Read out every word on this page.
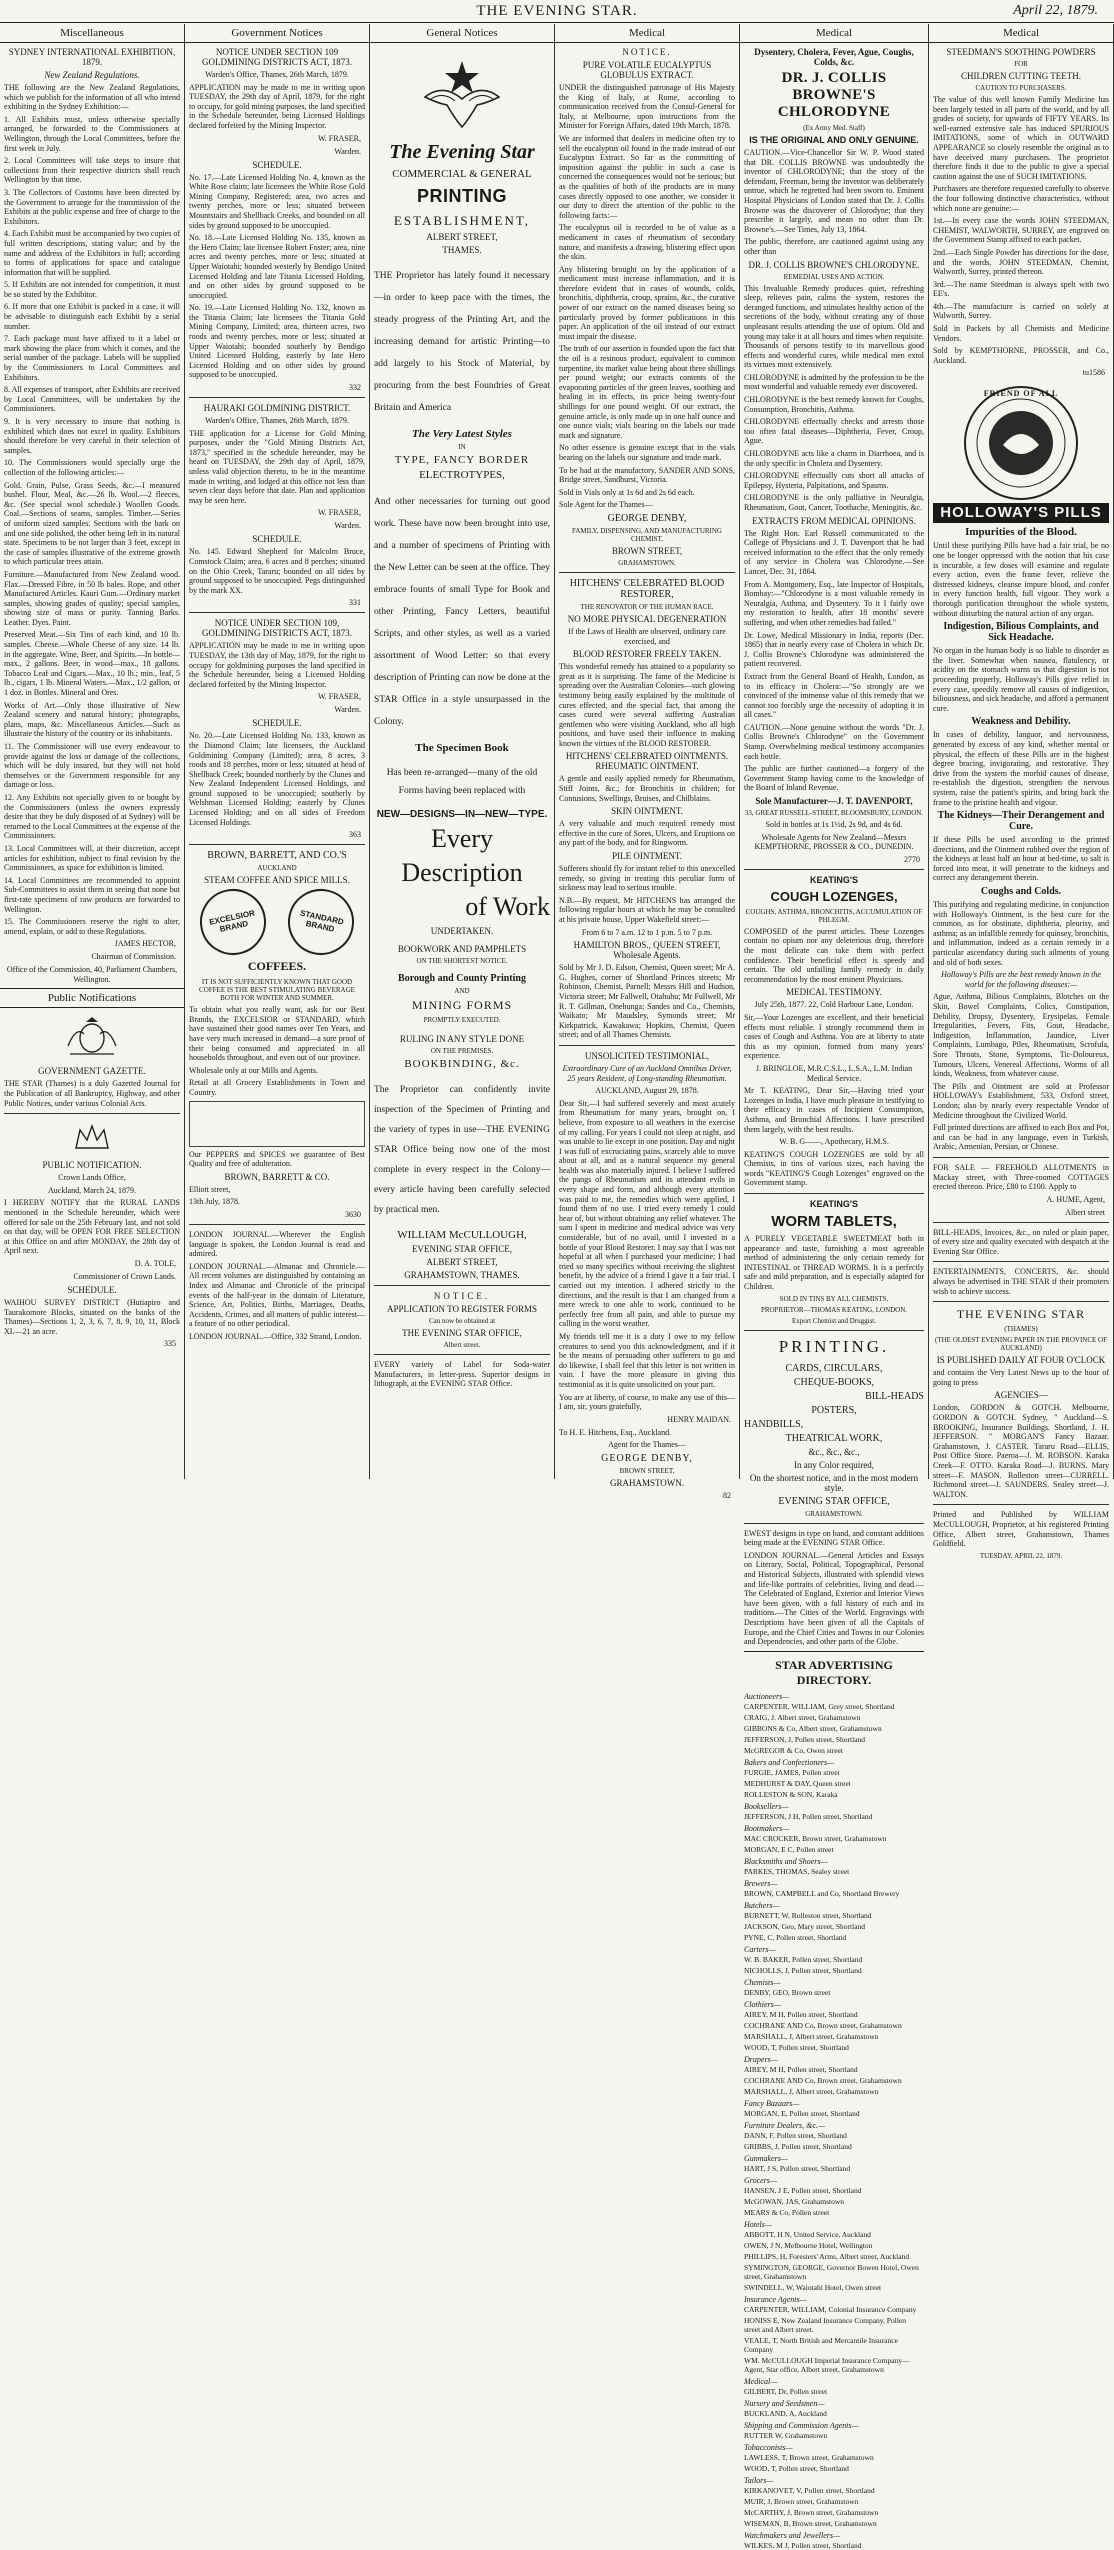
THE EVENING STAR.	April 22, 1879.
Miscellaneous
SYDNEY INTERNATIONAL EXHIBITION, 1879.
New Zealand Regulations.

THE following are the New Zealand Regulations, which we publish for the information of all who intend exhibiting in the Sydney Exhibition:—

1. All Exhibits must, unless otherwise specially arranged, be forwarded to the Commissioners at Wellington, through the Local Committees, before the first week in July.

2. Local Committees will take steps to insure that collections from their respective districts shall reach Wellington by that time.

3. The Collectors of Customs have been directed by the Government to arrange for the transmission of the Exhibits at the public expense and free of charge to the Exhibitors.

4. Each Exhibit must be accompanied by two copies of full written descriptions, stating value; and by the name and address of the Exhibitors in full; according to forms of applications for space and catalogue information that will be supplied.

5. If Exhibits are not intended for competition, it must be so stated by the Exhibitor.

6. If more that one Exhibit is packed in a case, it will be advisable to distinguish each Exhibit by a serial number.

7. Each package must have affixed to it a label or mark showing the place from which it comes, and the serial number of the package. Labels will be supplied by the Commissioners to Local Committees and Exhibitors.

8. All expenses of transport, after Exhibits are received by Local Committees, will be undertaken by the Commissioners.

9. It is very necessary to insure that nothing is exhibited which does not excel in quality. Exhibitors should therefore be very careful in their selection of samples.

10. The Commissioners would specially urge the collection of the following articles:—

Gold. Grain, Pulse, Grass Seeds, &c.—I measured bushel. Flour, Meal, &c.—26 lb. Wool.—2 fleeces, &c. (See special wool schedule.) Woollen Goods. Coal.—Sections of seams, samples. Timber.—Series of uniform sized samples. Sections with the bark on and one side polished, the other being left in its natural state. Specimens to be not larger than 3 feet, except in the case of samples illustrative of the extreme growth to which particular trees attain.

Furniture.—Manufactured from New Zealand wood. Flax.—Dressed Fibre, in 50 lb bales. Rope, and other Manufactured Articles. Kauri Gum.—Ordinary market samples, showing grades of quality; special samples, showing size of mass or purity. Tanning Barks. Leather. Dyes. Paint.

Preserved Meat.—Six Tins of each kind, and 10 lb. samples. Cheese.—Whole Cheese of any size. 14 lb. in the aggregate. Wine, Beer, and Spirits.—In bottle—max., 2 gallons. Beer, in wood—max., 18 gallons. Tobacco Leaf and Cigars.—Max., 10 lb.; min., leaf, 5 lb., cigars, 1 lb. Mineral Waters.—Max., 1/2 gallon, or 1 doz. in Bottles. Mineral and Ores.

Works of Art.—Only those illustrative of New Zealand scenery and natural history; photographs, plans, maps, &c. Miscellaneous Articles.—Such as illustrate the history of the country or its inhabitants.

11. The Commissioner will use every endeavour to provide against the loss or damage of the collections, which will be duly insured, but they will not hold themselves or the Government responsible for any damage or loss.

12. Any Exhibits not specially given to or bought by the Commissioners (unless the owners expressly desire that they be duly disposed of at Sydney) will be returned to the Local Committees at the expense of the Commissioners.

13. Local Committees will, at their discretion, accept articles for exhibition, subject to final revision by the Commissioners, as space for exhibition is limited.

14. Local Committees are recommended to appoint Sub-Committees to assist them in seeing that none but first-rate specimens of raw products are forwarded to Wellington.

15. The Commissioners reserve the right to alter, amend, explain, or add to these Regulations.

JAMES HECTOR,
Chairman of Commission.
Office of the Commission, 40, Parliament Chambers, Wellington.
Public Notifications
GOVERNMENT GAZETTE.

THE STAR (Thames) is a duly Gazetted Journal for the Publication of all Bankruptcy, Highway, and other Public Notices, under various Colonial Acts.

PUBLIC NOTIFICATION.
Crown Lands Office,
Auckland, March 24, 1879.

I HEREBY NOTIFY that the RURAL LANDS mentioned in the Schedule hereunder, which were offered for sale on the 25th February last, and not sold on that day, will be OPEN FOR FREE SELECTION at this Office on and after MONDAY, the 28th day of April next.

D. A. TOLE,
Commissioner of Crown Lands.
SCHEDULE.

WAIHOU SURVEY DISTRICT (Hutiapiro and Taurakomore Blocks, situated on the banks of the Thames)—Sections 1, 2, 3, 6, 7, 8, 9, 10, 11, Block XI.—21 an acre.

335
Government Notices
NOTICE UNDER SECTION 109 GOLDMINING DISTRICTS ACT, 1873.
Warden's Office, Thames, 26th March, 1879.

APPLICATION may be made to me in writing upon TUESDAY, the 29th day of April, 1879, for the right to occupy, for gold mining purposes, the land specified in the Schedule hereunder, being Licensed Holdings declared forfeited by the Mining Inspector.

W. FRASER,
Warden.
SCHEDULE.

No. 17.—Late Licensed Holding No. 4, known as the White Rose claim; late licensees the White Rose Gold Mining Company, Registered; area, two acres and twenty perches, more or less; situated between Mountstairs and Shellback Creeks, and bounded on all sides by ground supposed to be unoccupied.

No. 18.—Late Licensed Holding No. 135, known as the Hero Claim; late licensee Robert Foster; area, nine acres and twenty perches, more or less; situated at Upper Waiotahi; bounded westerly by Bendigo United Licensed Holding and late Titania Licensed Holding, and on other sides by ground supposed to be unoccupied.

No. 19.—Late Licensed Holding No. 132, known as the Titania Claim; late licensees the Titania Gold Mining Company, Limited; area, thirteen acres, two roods and twenty perches, more or less; situated at Upper Waiotahi; bounded southerly by Bendigo United Licensed Holding, easterly by late Hero Licensed Holding and on other sides by ground supposed to be unoccupied.

332
HAURAKI GOLDMINING DISTRICT.
Warden's Office, Thames, 26th March, 1879.

THE application for a License for Gold Mining purposes, under the "Gold Mining Districts Act, 1873," specified in the schedule hereunder, may be heard on TUESDAY, the 29th day of April, 1879, unless valid objection thereto, to be in the meantime made in writing, and lodged at this office not less than seven clear days before that date. Plan and application may be seen here.

W. FRASER,
Warden.
SCHEDULE.

No. 145. Edward Shepherd for Malcolm Bruce, Comstock Claim; area, 6 acres and 8 perches; situated on the Ohio Creek, Tararu; bounded on all sides by ground supposed to be unoccupied. Pegs distinguished by the mark XX.

331
NOTICE UNDER SECTION 109, GOLDMINING DISTRICTS ACT, 1873.

APPLICATION may be made to me in writing upon TUESDAY, the 13th day of May, 1879, for the right to occupy for goldmining purposes the land specified in the Schedule hereunder, being a Licensed Holding declared forfeited by the Mining Inspector.

W. FRASER,
Warden.
SCHEDULE.

No. 20.—Late Licensed Holding No. 133, known as the Diamond Claim; late licensees, the Auckland Goldmining Company (Limited); area, 8 acres, 3 roods and 18 perches, more or less; situated at head of Shellback Creek; bounded northerly by the Clunes and New Zealand Independent Licensed Holdings, and ground supposed to be unoccupied; southerly by Welshman Licensed Holding; easterly by Clunes Licensed Holding; and on all sides of Freedom Licensed Holdings.

363
BROWN, BARRETT, AND CO.'S
AUCKLAND
STEAM COFFEE AND SPICE MILLS.
EXCELSIOR BRAND	STANDARD BRAND
COFFEES.
IT IS NOT SUFFICIENTLY KNOWN THAT GOOD COFFEE IS THE BEST STIMULATING BEVERAGE BOTH FOR WINTER AND SUMMER.

To obtain what you really want, ask for our Best Brands, the EXCELSIOR or STANDARD, which have sustained their good names over Ten Years, and have very much increased in demand—a sure proof of their being consumed and appreciated in all households throughout, and even out of our province.

Wholesale only at our Mills and Agents.

Retail at all Grocery Establishments in Town and Country.

Our PEPPERS and SPICES we guarantee of Best Quality and free of adulteration.

BROWN, BARRETT & CO.
Elliott street,
13th July, 1878.
3630

LONDON JOURNAL.—Wherever the English language is spoken, the London Journal is read and admired.

LONDON JOURNAL.—Almanac and Chronicle.—All recent volumes are distinguished by containing an Index and Almanac and Chronicle of the principal events of the half-year in the domain of Literature, Science, Art, Politics, Births, Marriages, Deaths, Accidents, Crimes, and all matters of public interest—a feature of no other periodical.

LONDON JOURNAL.—Office, 332 Strand, London.

General Notices
The Evening Star
COMMERCIAL & GENERAL
PRINTING
ESTABLISHMENT,
ALBERT STREET,
THAMES.

THE Proprietor has lately found it necessary—in order to keep pace with the times, the steady progress of the Printing Art, and the increasing demand for artistic Printing—to add largely to his Stock of Material, by procuring from the best Foundries of Great Britain and America

The Very Latest Styles
IN
TYPE, FANCY BORDER
ELECTROTYPES,

And other necessaries for turning out good work. These have now been brought into use, and a number of specimens of Printing with the New Letter can be seen at the office. They embrace founts of small Type for Book and other Printing, Fancy Letters, beautiful Scripts, and other styles, as well as a varied assortment of Wood Letter: so that every description of Printing can now be done at the STAR Office in a style unsurpassed in the Colony.

The Specimen Book

Has been re-arranged—many of the old Forms having been replaced with

NEW—DESIGNS—IN—NEW—TYPE.
Every
Description
of Work
UNDERTAKEN.
BOOKWORK AND PAMPHLETS
ON THE SHORTEST NOTICE.
Borough and County Printing
AND
MINING FORMS
PROMPTLY EXECUTED.
RULING IN ANY STYLE DONE
ON THE PREMISES.
BOOKBINDING, &c.

The Proprietor can confidently invite inspection of the Specimen of Printing and the variety of types in use—THE EVENING STAR Office being now one of the most complete in every respect in the Colony—every article having been carefully selected by practical men.

WILLIAM McCULLOUGH,
EVENING STAR OFFICE,
ALBERT STREET,
GRAHAMSTOWN, THAMES.
NOTICE.
APPLICATION TO REGISTER FORMS
Can now be obtained at
THE EVENING STAR OFFICE,
Albert street.

EVERY variety of Label for Soda-water Manufacturers, in letter-press. Superior designs in lithograph, at the EVENING STAR Office.

Medical
NOTICE.
PURE VOLATILE EUCALYPTUS GLOBULUS EXTRACT.

UNDER the distinguished patronage of His Majesty the King of Italy, at Rome, according to communication received from the Consul-General for Italy, at Melbourne, upon instructions from the Minister for Foreign Affairs, dated 19th March, 1878.

We are informed that dealers in medicine often try to sell the eucalyptus oil found in the trade instead of our Eucalyptus Extract. So far as the committing of imposition against the public in such a case is concerned the consequences would not be serious; but as the qualities of both of the products are in many cases directly opposed to one another, we consider it our duty to direct the attention of the public to the following facts:—

The eucalyptus oil is recorded to be of value as a medicament in cases of rheumatism of secondary nature, and manifests a drawing, blistering effect upon the skin.

Any blistering brought on by the application of a medicament must increase inflammation, and it is therefore evident that in cases of wounds, colds, bronchitis, diphtheria, croup, sprains, &c., the curative power of our extract on the named diseases being so particularly proved by former publications in this paper. An application of the oil instead of our extract must impair the disease.

The truth of our assertion is founded upon the fact that the oil is a resinous product, equivalent to common turpentine, its market value being about three shillings per pound weight; our extracts contents of the evaporating particles of the green leaves, soothing and healing in its effects, its price being twenty-four shillings for one pound weight. Of our extract, the genuine article, is only made up in one half ounce and one ounce vials; vials bearing on the labels our trade mark and signature.

No other essence is genuine except that in the vials bearing on the labels our signature and trade mark.

To be had at the manufactory, SANDER AND SONS, Bridge street, Sandhurst, Victoria.

Sold in Vials only at 1s 6d and 2s 6d each.

Sole Agent for the Thames—
GEORGE DENBY,
FAMILY, DISPENSING, AND MANUFACTURING CHEMIST,
BROWN STREET,
GRAHAMSTOWN.
HITCHENS' CELEBRATED BLOOD RESTORER,
THE RENOVATOR OF THE HUMAN RACE.
NO MORE PHYSICAL DEGENERATION
If the Laws of Health are observed, ordinary care exercised, and
BLOOD RESTORER FREELY TAKEN.

This wonderful remedy has attained to a popularity so great as it is surprising. The fame of the Medicine is spreading over the Australian Colonies—such glowing testimony being easily explained by the multitude of cures effected, and the special fact, that among the cases cured were several suffering Australian gentlemen who were visiting Auckland, who all high positions, and have used their influence in making known the virtues of the BLOOD RESTORER.

HITCHENS' CELEBRATED OINTMENTS. RHEUMATIC OINTMENT.

A gentle and easily applied remedy for Rheumatism, Stiff Joints, &c.; for Bronchitis in children; for Contusions, Swellings, Bruises, and Chilblains.

SKIN OINTMENT.

A very valuable and much required remedy most effective in the cure of Sores, Ulcers, and Eruptions on any part of the body, and for Ringworm.

PILE OINTMENT.

Sufferers should fly for instant relief to this unexcelled remedy, so giving in treating this peculiar form of sickness may lead to serious trouble.

N.B.—By request, Mr HITCHENS has arranged the following regular hours at which he may be consulted at his private house, Upper Wakefield street:—

From 6 to 7 a.m. 12 to 1 p.m. 5 to 7 p.m.
HAMILTON BROS., QUEEN STREET, Wholesale Agents.

Sold by Mr J. D. Edson, Chemist, Queen street; Mr A. G. Hughes, corner of Shortland Princes streets; Mr Robinson, Chemist, Parnell; Messrs Hill and Hudson, Victoria street; Mr Fallwell, Otahuhu; Mr Fullwell, Mr R. T. Gillman, Onehunga; Sandes and Co., Chemists, Waikato; Mr Maudsley, Symonds street; Mr Kirkpatrick, Kawakawa; Hopkins, Chemist, Queen street; and of all Thames Chemists.

UNSOLICITED TESTIMONIAL,
Extraordinary Cure of an Auckland Omnibus Driver, 25 years Resident, of Long-standing Rheumatism.
AUCKLAND, August 29, 1878.

Dear Sir,—I had suffered severely and most acutely from Rheumatism for many years, brought on, I believe, from exposure to all weathers in the exercise of my calling. For years I could not sleep at night, and was unable to lie except in one position. Day and night I was full of excruciating pains, scarcely able to move about at all, and as a natural sequence my general health was also materially injured. I believe I suffered the pangs of Rheumatism and its attendant evils in every shape and form, and although every attention was paid to me, the remedies which were applied, I found them of no use. I tried every remedy I could hear of, but without obtaining any relief whatever. The sum I spent in medicine and medical advice was very considerable, but of no avail, until I invested in a bottle of your Blood Restorer. I may say that I was not hopeful at all when I purchased your medicine; I had tried so many specifics without receiving the slightest benefit, by the advice of a friend I gave it a fair trial. I carried out my intention. I adhered strictly to the directions, and the result is that I am changed from a mere wreck to one able to work, continued to be perfectly free from all pain, and able to pursue my calling in the worst weather.

My friends tell me it is a duty I owe to my fellow creatures to send you this acknowledgment, and if it be the means of persuading other sufferers to go and do likewise, I shall feel that this letter is not written in vain. I have the more pleasure in giving this testimonial as it is quite unsolicited on your part.

You are at liberty, of course, to make any use of this—I am, sir, yours gratefully,

HENRY MAIDAN.
To H. E. Hitchens, Esq., Auckland.
Agent for the Thames—
GEORGE DENBY,
BROWN STREET,
GRAHAMSTOWN.
82
Medical
Dysentery, Cholera, Fever, Ague, Coughs, Colds, &c.
DR. J. COLLIS BROWNE'S CHLORODYNE
(Ex Army Med. Staff)
IS THE ORIGINAL AND ONLY GENUINE.

CAUTION.—Vice-Chancellor Sir W. P. Wood stated that DR. COLLIS BROWNE was undoubtedly the inventor of CHLORODYNE; that the story of the defendant, Freeman, being the inventor was deliberately untrue, which he regretted had been sworn to. Eminent Hospital Physicians of London stated that Dr. J. Collis Browne was the discoverer of Chlorodyne; that they prescribe it largely, and mean no other than Dr. Browne's.—See Times, July 13, 1864.

The public, therefore, are cautioned against using any other than

DR. J. COLLIS BROWNE'S CHLORODYNE.
REMEDIAL USES AND ACTION.

This Invaluable Remedy produces quiet, refreshing sleep, relieves pain, calms the system, restores the deranged functions, and stimulates healthy action of the secretions of the body, without creating any of those unpleasant results attending the use of opium. Old and young may take it at all hours and times when requisite. Thousands of persons testify to its marvellous good effects and wonderful cures, while medical men extol its virtues most extensively.

CHLORODYNE is admitted by the profession to be the most wonderful and valuable remedy ever discovered.

CHLORODYNE is the best remedy known for Coughs, Consumption, Bronchitis, Asthma.

CHLORODYNE effectually checks and arrests those too often fatal diseases—Diphtheria, Fever, Croup, Ague.

CHLORODYNE acts like a charm in Diarrhoea, and is the only specific in Cholera and Dysentery.

CHLORODYNE effectually cuts short all attacks of Epilepsy, Hysteria, Palpitations, and Spasms.

CHLORODYNE is the only palliative in Neuralgia, Rheumatism, Gout, Cancer, Toothache, Meningitis, &c.

EXTRACTS FROM MEDICAL OPINIONS.

The Right Hon. Earl Russell communicated to the College of Physicians and J. T. Davenport that he had received information to the effect that the only remedy of any service in Cholera was Chlorodyne.—See Lancet, Dec. 31, 1864.

From A. Montgomery, Esq., late Inspector of Hospitals, Bombay:—"Chlorodyne is a most valuable remedy in Neuralgia, Asthma, and Dysentery. To it I fairly owe my restoration to health, after 18 months' severe suffering, and when other remedies had failed."

Dr. Lowe, Medical Missionary in India, reports (Dec. 1865) that in nearly every case of Cholera in which Dr. J. Collis Browne's Chlorodyne was administered the patient recovered.

Extract from the General Board of Health, London, as to its efficacy in Cholera:—"So strongly are we convinced of the immense value of this remedy that we cannot too forcibly urge the necessity of adopting it in all cases."

CAUTION.—None genuine without the words "Dr. J. Collis Browne's Chlorodyne" on the Government Stamp. Overwhelming medical testimony accompanies each bottle.

The public are further cautioned—a forgery of the Government Stamp having come to the knowledge of the Board of Inland Revenue.

Sole Manufacturer—J. T. DAVENPORT,
33, GREAT RUSSELL-STREET, BLOOMSBURY, LONDON.
Sold in bottles at 1s 1½d, 2s 9d, and 4s 6d.
Wholesale Agents for New Zealand—Messrs KEMPTHORNE, PROSSER & CO., DUNEDIN.
2770
KEATING'S
COUGH LOZENGES,
COUGHS, ASTHMA, BRONCHITIS, ACCUMULATION OF PHLEGM.

COMPOSED of the purest articles. These Lozenges contain no opium nor any deleterious drug, therefore the most delicate can take them with perfect confidence. Their beneficial effect is speedy and certain. The old unfailing family remedy in daily recommendation by the most eminent Physicians.

MEDICAL TESTIMONY.
July 25th, 1877. 22, Cold Harbour Lane, London.

Sir,—Your Lozenges are excellent, and their beneficial effects most reliable. I strongly recommend them in cases of Cough and Asthma. You are at liberty to state this as my opinion, formed from many years' experience.

J. BRINGLOE, M.R.C.S.L., L.S.A., L.M. Indian Medical Service.

Mr T. KEATING, Dear Sir,—Having tried your Lozenges in India, I have much pleasure in testifying to their efficacy in cases of Incipient Consumption, Asthma, and Bronchial Affections. I have prescribed them largely, with the best results.

W. B. G——, Apothecary, H.M.S.

KEATING'S COUGH LOZENGES are sold by all Chemists, in tins of various sizes, each having the words "KEATING'S Cough Lozenges" engraved on the Government stamp.

KEATING'S
WORM TABLETS,

A PURELY VEGETABLE SWEETMEAT both in appearance and taste, furnishing a most agreeable method of administering the only certain remedy for INTESTINAL or THREAD WORMS. It is a perfectly safe and mild preparation, and is especially adapted for Children.

SOLD IN TINS BY ALL CHEMISTS.
PROPRIETOR—THOMAS KEATING, LONDON.
Export Chemist and Druggist.
PRINTING.
CARDS, CIRCULARS,
CHEQUE-BOOKS,
BILL-HEADS
POSTERS,
HANDBILLS,
THEATRICAL WORK,
&c., &c., &c.,
In any Color required,
On the shortest notice, and in the most modern style.
EVENING STAR OFFICE,
GRAHAMSTOWN.

EWEST designs in type on hand, and constant additions being made at the EVENING STAR Office.

LONDON JOURNAL.—General Articles and Essays on Literary, Social, Political, Topographical, Personal and Historical Subjects, illustrated with splendid views and life-like portraits of celebrities, living and dead.—The Celebrated of England, Exterior and Interior Views have been given, with a full history of each and its traditions.—The Cities of the World. Engravings with Descriptions have been given of all the Capitals of Europe, and the Chief Cities and Towns in our Colonies and Dependencies, and other parts of the Globe.

STAR ADVERTISING DIRECTORY.
Auctioneers—
CARPENTER, WILLIAM, Grey street, Shortland
CRAIG, J. Albert street, Grahamstown
GIBBONS & Co, Albert street, Grahamstown
JEFFERSON, J, Pollen street, Shortland
McGREGOR & Co, Owen street
Bakers and Confectioners—
FURGIE, JAMES, Pollen street
MEDHURST & DAY, Queen street
ROLLESTON & SON, Karaka
Booksellers—
JEFFERSON, J H, Pollen street, Shortland
Bootmakers—
MAC CROCKER, Brown street, Grahamstown
MORGAN, E C, Pollen street
Blacksmiths and Shoers—
PARKES, THOMAS, Sealey street
Brewers—
BROWN, CAMPBELL and Co, Shortland Brewery
Butchers—
BURNETT, W, Rolleston street, Shortland
JACKSON, Geo, Mary street, Shortland
PYNE, C, Pollen street, Shortland
Carters—
W. B. BAKER, Pollen street, Shortland
NICHOLLS, J, Pollen street, Shortland
Chemists—
DENBY, GEO, Brown street
Clothiers—
AIREY, M H, Pollen street, Shortland
COCHRANE AND Co, Brown street, Grahamstown
MARSHALL, J, Albert street, Grahamstown
WOOD, T, Pollen street, Shortland
Drapers—
AIREY, M H, Pollen street, Shortland
COCHRANE AND Co, Brown street, Grahamstown
MARSHALL, J, Albert street, Grahamstown
Fancy Bazaars—
MORGAN, E, Pollen street, Shortland
Furniture Dealers, &c.—
DANN, F, Pollen street, Shortland
GRIBBS, J, Pollen street, Shortland
Gunmakers—
HART, J S, Pollen street, Shortland
Grocers—
HANSEN, J E, Pollen street, Shortland
McGOWAN, JAS, Grahamstown
MEARS & Co, Pollen street
Hotels—
ABBOTT, H N, United Service, Auckland
OWEN, J N, Melbourne Hotel, Wellington
PHILLIPS, H, Foresters' Arms, Albert street, Auckland
SYMINGTON, GEORGE, Governor Bowen Hotel, Owen street, Grahamstown
SWINDELL, W, Waiotahi Hotel, Owen street
Insurance Agents—
CARPENTER, WILLIAM, Colonial Insurance Company
HONISS E, New Zealand Insurance Company, Pollen street and Albert street.
VEALE, T, North British and Mercantile Insurance Company
WM. McCULLOUGH Imperial Insurance Company—Agent, Star office, Albert street, Grahamstown
Medical—
GILBERT, Dr, Pollen street
Nursery and Seedsmen—
BUCKLAND, A, Auckland
Shipping and Commission Agents—
RUTTER W, Grahamstown
Tobacconists—
LAWLESS, T, Brown street, Grahamstown
WOOD, T, Pollen street, Shortland
Tailors—
KIRKANOVET, V, Pollen street, Shortland
MUIR, J, Brown street, Grahamstown
McCARTHY, J, Brown street, Grahamstown
WISEMAN, B, Brown street, Grahamstown
Watchmakers and Jewellers—
WILKES, M J, Pollen street, Shortland
Medical
STEEDMAN'S SOOTHING POWDERS
FOR
CHILDREN CUTTING TEETH.
CAUTION TO PURCHASERS.

The value of this well known Family Medicine has been largely tested in all parts of the world, and by all grades of society, for upwards of FIFTY YEARS. Its well-earned extensive sale has induced SPURIOUS IMITATIONS, some of which in OUTWARD APPEARANCE so closely resemble the original as to have deceived many purchasers. The proprietor therefore finds it due to the public to give a special caution against the use of SUCH IMITATIONS.

Purchasers are therefore requested carefully to observe the four following distinctive characteristics, without which none are genuine:—

1st.—In every case the words JOHN STEEDMAN, CHEMIST, WALWORTH, SURREY, are engraved on the Government Stamp affixed to each packet.

2nd.—Each Single Powder has directions for the dose, and the words, JOHN STEEDMAN, Chemist, Walworth, Surrey, printed thereon.

3rd.—The name Steedman is always spelt with two EE's.

4th.—The manufacture is carried on solely at Walworth, Surrey.

Sold in Packets by all Chemists and Medicine Vendors.

Sold by KEMPTHORNE, PROSSER, and Co., Auckland.

tu1586
FRIEND OF ALL
HOLLOWAY'S PILLS
Impurities of the Blood.

Until these purifying Pills have had a fair trial, be no one be longer oppressed with the notion that his case is incurable, a few doses will examine and regulate every action, even the frame fever, relieve the distressed kidneys, cleanse impure blood, and confer in every function health, full vigour. They work a thorough purification throughout the whole system, without disturbing the natural action of any organ.

Indigestion, Bilious Complaints, and Sick Headache.

No organ in the human body is so liable to disorder as the liver. Somewhat when nausea, flatulency, or acidity on the stomach warns us that digestion is not proceeding properly, Holloway's Pills give relief in every case, speedily remove all causes of indigestion, biliousness, and sick headache, and afford a permanent cure.

Weakness and Debility.

In cases of debility, languor, and nervousness, generated by excess of any kind, whether mental or physical, the effects of these Pills are in the highest degree bracing, invigorating, and restorative. They drive from the system the morbid causes of disease, re-establish the digestion, strengthen the nervous system, raise the patient's spirits, and bring back the frame to the pristine health and vigour.

The Kidneys—Their Derangement and Cure.

If these Pills be used according to the printed directions, and the Ointment rubbed over the region of the kidneys at least half an hour at bed-time, so salt is forced into meat, it will penetrate to the kidneys and correct any derangement therein.

Coughs and Colds.

This purifying and regulating medicine, in conjunction with Holloway's Ointment, is the best cure for the common, as for obstinate, diphtheria, pleurisy, and asthma; as an infallible remedy for quinsey, bronchitis, and inflammation, indeed as a certain remedy in a particular ascendancy during such ailments of young and old of both sexes.

Holloway's Pills are the best remedy known in the world for the following diseases:—

Ague, Asthma, Bilious Complaints, Blotches on the Skin, Bowel Complaints, Colics, Constipation, Debility, Dropsy, Dysentery, Erysipelas, Female Irregularities, Fevers, Fits, Gout, Headache, Indigestion, Inflammation, Jaundice, Liver Complaints, Lumbago, Piles, Rheumatism, Scrofula, Sore Throats, Stone, Symptoms, Tic-Doloureux, Tumours, Ulcers, Venereal Affections, Worms of all kinds, Weakness, from whatever cause.

The Pills and Ointment are sold at Professor HOLLOWAY's Establishment, 533, Oxford street, London; also by nearly every respectable Vendor of Medicine throughout the Civilized World.

Full printed directions are affixed to each Box and Pot, and can be had in any language, even in Turkish, Arabic, Armenian, Persian, or Chinese.

FOR SALE — FREEHOLD ALLOTMENTS in Mackay street, with Three-roomed COTTAGES erected thereon. Price, £80 to £100. Apply to

A. HUME, Agent,
Albert street

BILL-HEADS, Invoices, &c., on ruled or plain paper, of every size and quality executed with despatch at the Evening Star Office.

ENTERTAINMENTS, CONCERTS, &c. should always be advertised in THE STAR if their promoters wish to achieve success.

THE EVENING STAR
(THAMES)
(THE OLDEST EVENING PAPER IN THE PROVINCE OF AUCKLAND)
IS PUBLISHED DAILY AT FOUR O'CLOCK

and contains the Very Latest News up to the hour of going to press

AGENCIES—

London, GORDON & GOTCH. Melbourne, GORDON & GOTCH. Sydney, " Auckland—S. BROOKING, Insurance Buildings. Shortland, J. H. JEFFERSON. " MORGAN'S Fancy Bazaar. Grahamstown, J. CASTER. Tararu Road—ELLIS, Post Office Store. Paeroa—J. M. ROBSON. Karaka Creek—F. OTTO. Karaka Road—J. BURNS. Mary street—F. MASON. Rolleston street—CURRELL. Richmond street—J. SAUNDERS. Sealey street—J. WALTON.

Printed and Published by WILLIAM McCULLOUGH, Proprietor, at his registered Printing Office, Albert street, Grahamstown, Thames Goldfield.

TUESDAY, APRIL 22, 1879.
